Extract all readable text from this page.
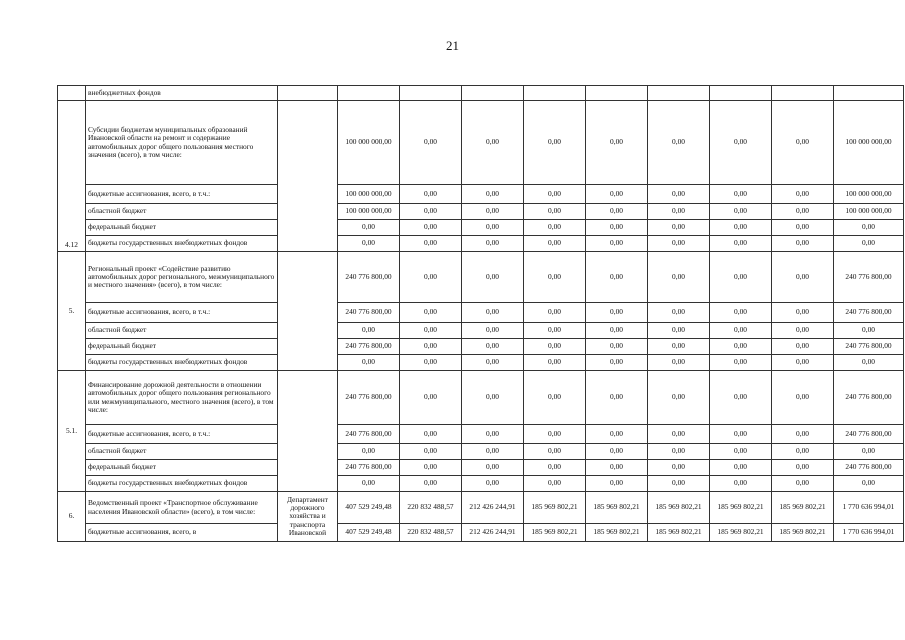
21
	внебюджетных фондов										
4.12	Субсидии бюджетам муниципальных образований Ивановской области на ремонт и содержание автомобильных дорог общего пользования местного значения (всего), в том числе:		100 000 000,00	0,00	0,00	0,00	0,00	0,00	0,00	0,00	100 000 000,00
	бюджетные ассигнования, всего, в т.ч.:		100 000 000,00	0,00	0,00	0,00	0,00	0,00	0,00	0,00	100 000 000,00
	областной бюджет		100 000 000,00	0,00	0,00	0,00	0,00	0,00	0,00	0,00	100 000 000,00
	федеральный бюджет		0,00	0,00	0,00	0,00	0,00	0,00	0,00	0,00	0,00
	бюджеты государственных внебюджетных фондов		0,00	0,00	0,00	0,00	0,00	0,00	0,00	0,00	0,00
5.	Региональный проект «Содействие развитию автомобильных дорог регионального, межмуниципального и местного значения» (всего), в том числе:		240 776 800,00	0,00	0,00	0,00	0,00	0,00	0,00	0,00	240 776 800,00
	бюджетные ассигнования, всего, в т.ч.:		240 776 800,00	0,00	0,00	0,00	0,00	0,00	0,00	0,00	240 776 800,00
	областной бюджет		0,00	0,00	0,00	0,00	0,00	0,00	0,00	0,00	0,00
	федеральный бюджет		240 776 800,00	0,00	0,00	0,00	0,00	0,00	0,00	0,00	240 776 800,00
	бюджеты государственных внебюджетных фондов		0,00	0,00	0,00	0,00	0,00	0,00	0,00	0,00	0,00
5.1.	Финансирование дорожной деятельности в отношении автомобильных дорог общего пользования регионального или межмуниципального, местного значения (всего), в том числе:		240 776 800,00	0,00	0,00	0,00	0,00	0,00	0,00	0,00	240 776 800,00
	бюджетные ассигнования, всего, в т.ч.:		240 776 800,00	0,00	0,00	0,00	0,00	0,00	0,00	0,00	240 776 800,00
	областной бюджет		0,00	0,00	0,00	0,00	0,00	0,00	0,00	0,00	0,00
	федеральный бюджет		240 776 800,00	0,00	0,00	0,00	0,00	0,00	0,00	0,00	240 776 800,00
	бюджеты государственных внебюджетных фондов		0,00	0,00	0,00	0,00	0,00	0,00	0,00	0,00	0,00
6.	Ведомственный проект «Транспортное обслуживание населения Ивановской области» (всего), в том числе:	Департамент дорожного хозяйства и транспорта Ивановской	407 529 249,48	220 832 488,57	212 426 244,91	185 969 802,21	185 969 802,21	185 969 802,21	185 969 802,21	185 969 802,21	1 770 636 994,01
	бюджетные ассигнования, всего, в		407 529 249,48	220 832 488,57	212 426 244,91	185 969 802,21	185 969 802,21	185 969 802,21	185 969 802,21	185 969 802,21	1 770 636 994,01
